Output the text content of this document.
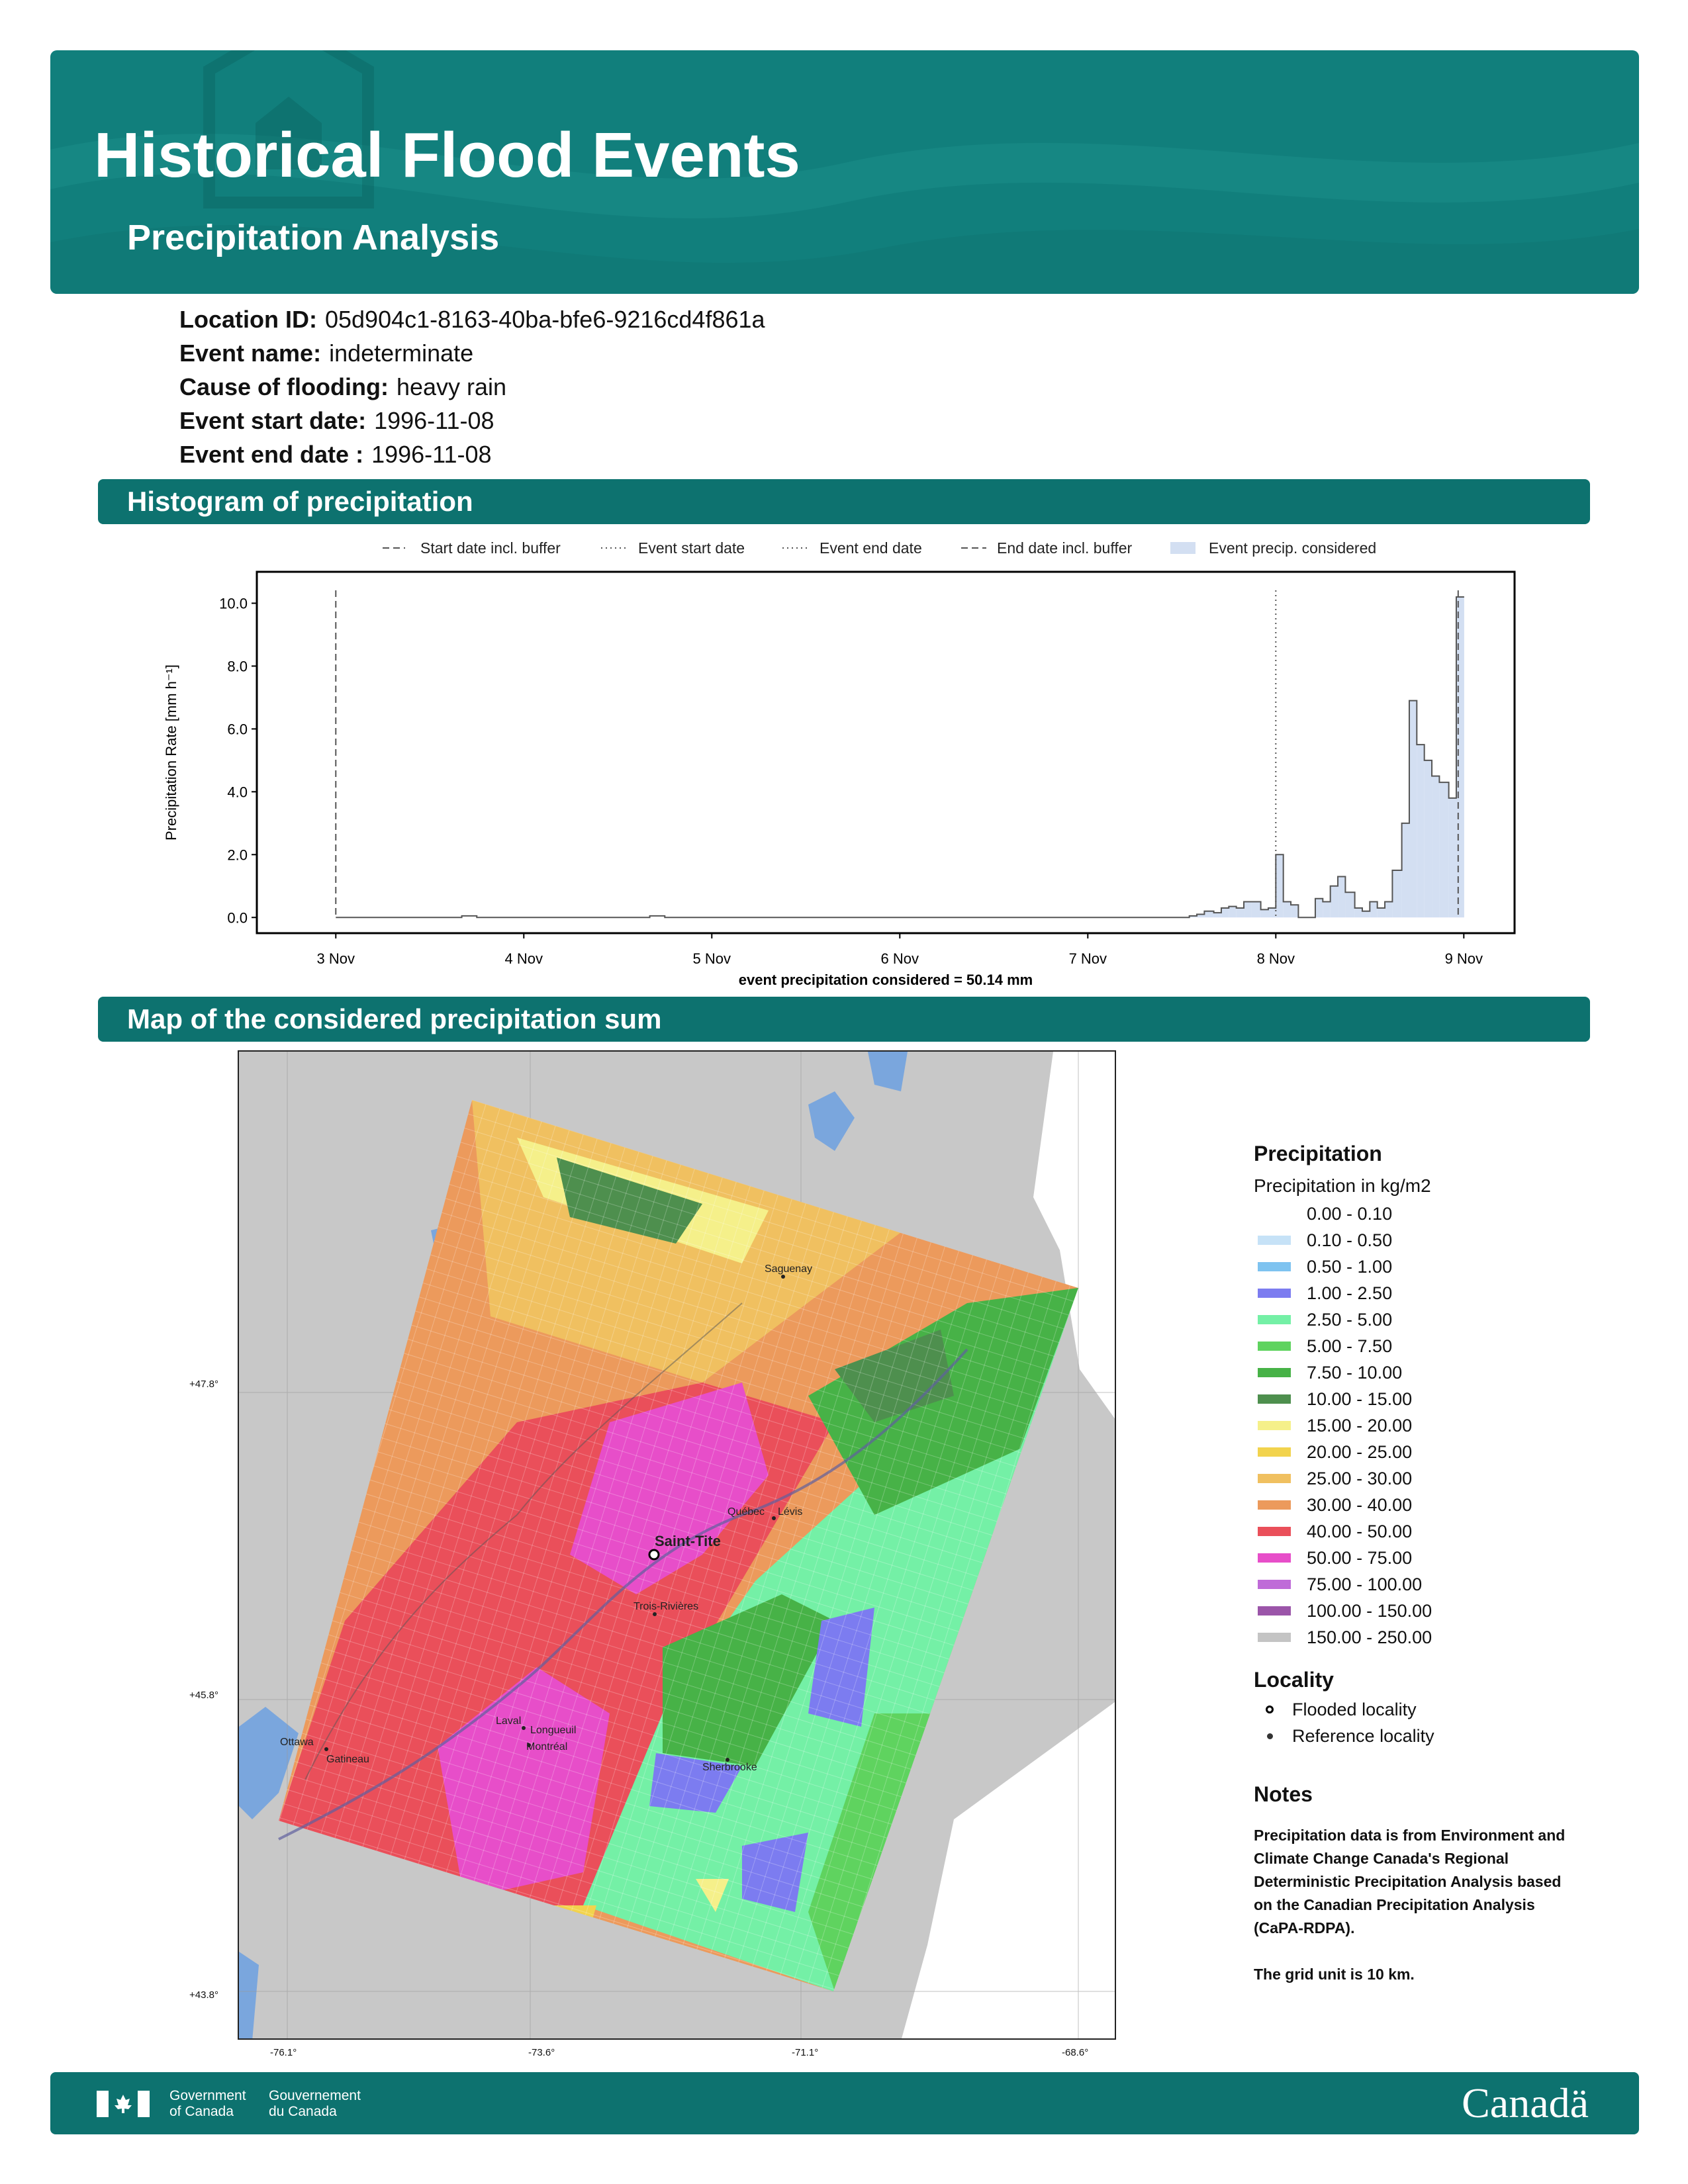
Historical Flood Events
Precipitation Analysis
Location ID: 05d904c1-8163-40ba-bfe6-9216cd4f861a
Event name: indeterminate
Cause of flooding: heavy rain
Event start date: 1996-11-08
Event end date : 1996-11-08
Histogram of precipitation
Start date incl. buffer	Event start date	Event end date	End date incl. buffer	Event precip. considered
0.0
2.0
4.0
6.0
8.0
10.0
3 Nov	4 Nov	5 Nov	6 Nov	7 Nov	8 Nov	9 Nov
Precipitation Rate [mm h⁻¹]
event precipitation considered = 50.14 mm
Map of the considered precipitation sum
Saguenay
Québec Lévis
Trois-Rivières
Laval
Longueuil
Montréal
Ottawa
Gatineau
Sherbrooke
Saint-Tite
+47.8°
+45.8°
+43.8°
-76.1°	-73.6°	-71.1°	-68.6°
Precipitation
Precipitation in kg/m2
0.00 - 0.10
0.10 - 0.50
0.50 - 1.00
1.00 - 2.50
2.50 - 5.00
5.00 - 7.50
7.50 - 10.00
10.00 - 15.00
15.00 - 20.00
20.00 - 25.00
25.00 - 30.00
30.00 - 40.00
40.00 - 50.00
50.00 - 75.00
75.00 - 100.00
100.00 - 150.00
150.00 - 250.00
Locality
Flooded locality
Reference locality
Notes
Precipitation data is from Environment and
Climate Change Canada's Regional
Deterministic Precipitation Analysis based
on the Canadian Precipitation Analysis
(CaPA-RDPA).

The grid unit is 10 km.
Government
of Canada
Gouvernement
du Canada	Canadä
